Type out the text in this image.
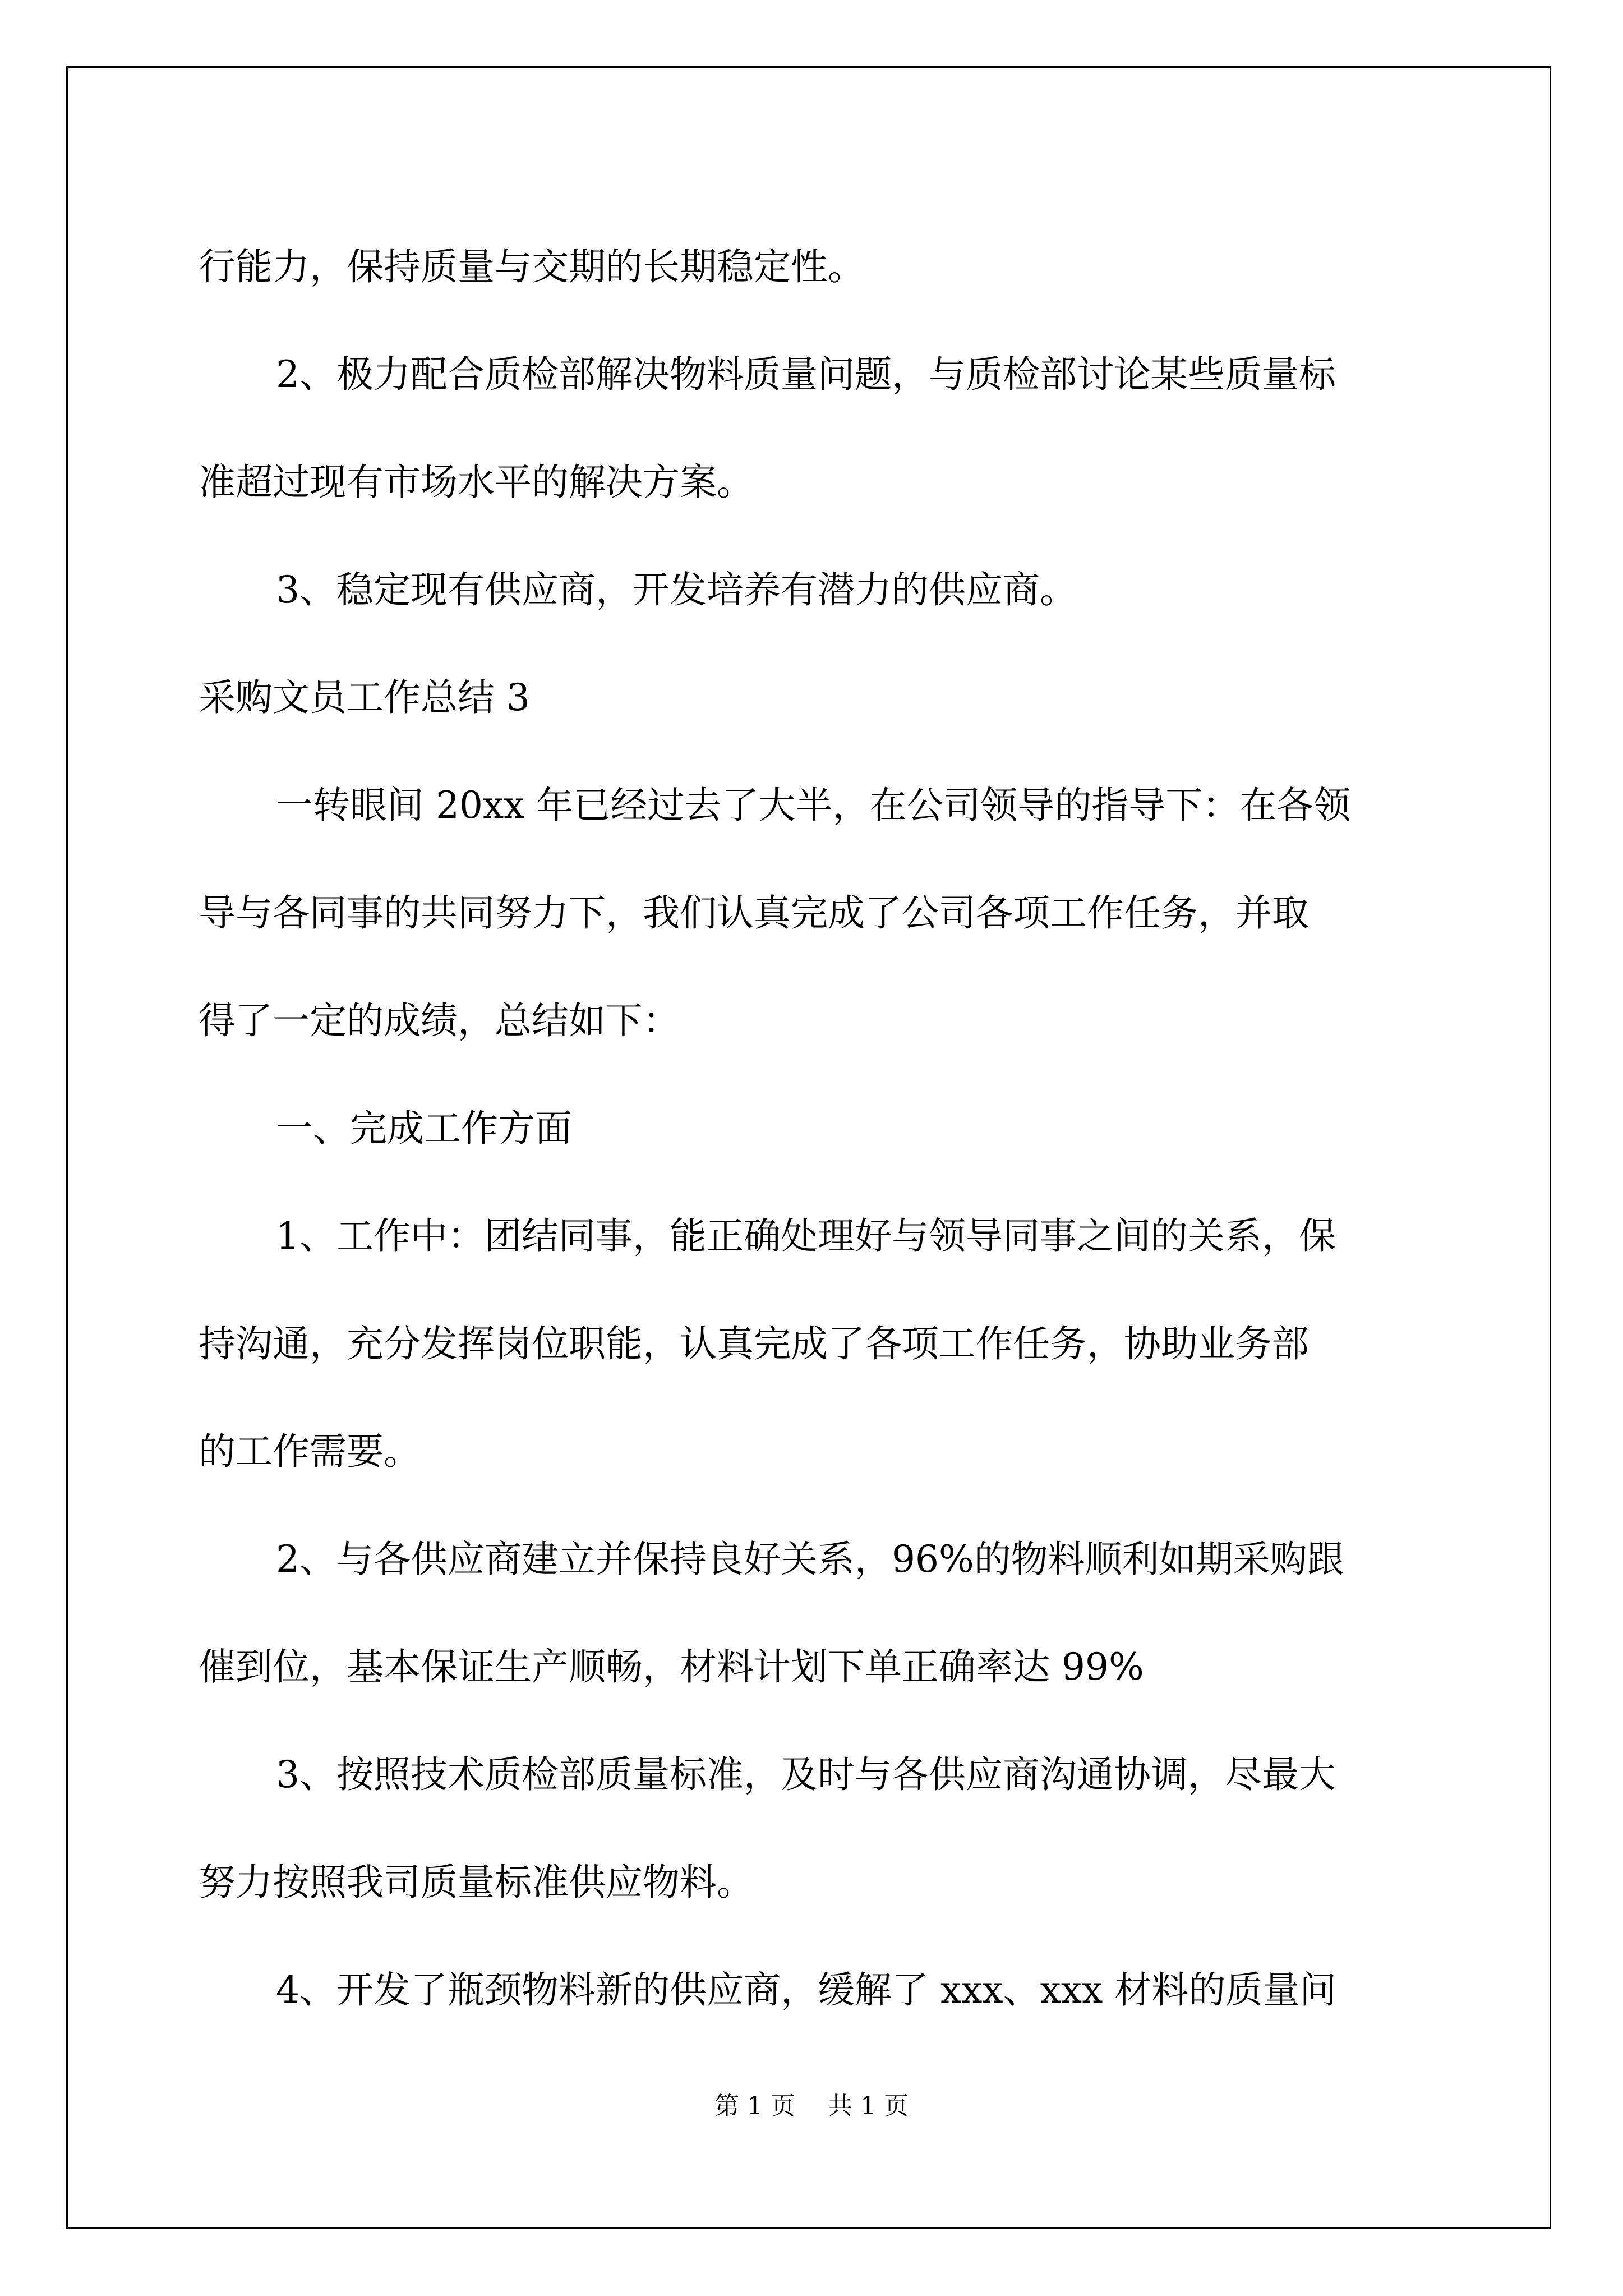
行能力，保持质量与交期的长期稳定性。

2、极力配合质检部解决物料质量问题，与质检部讨论某些质量标

准超过现有市场水平的解决方案。

3、稳定现有供应商，开发培养有潜力的供应商。

采购文员工作总结 3

一转眼间 20xx 年已经过去了大半，在公司领导的指导下：在各领

导与各同事的共同努力下，我们认真完成了公司各项工作任务，并取

得了一定的成绩，总结如下：

一、完成工作方面

1、工作中：团结同事，能正确处理好与领导同事之间的关系，保

持沟通，充分发挥岗位职能，认真完成了各项工作任务，协助业务部

的工作需要。

2、与各供应商建立并保持良好关系，96%的物料顺利如期采购跟

催到位，基本保证生产顺畅，材料计划下单正确率达 99%

3、按照技术质检部质量标准，及时与各供应商沟通协调，尽最大

努力按照我司质量标准供应物料。

4、开发了瓶颈物料新的供应商，缓解了 xxx、xxx 材料的质量问

第 1 页 共 1 页
